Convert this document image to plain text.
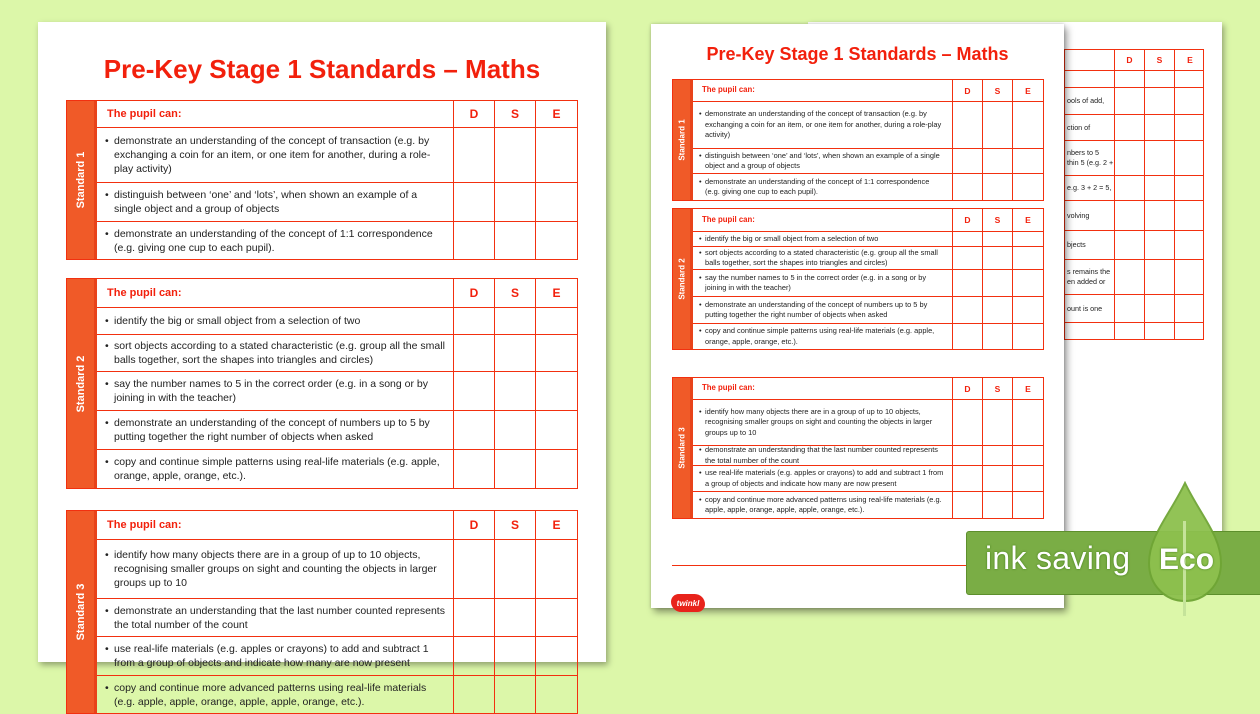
Pre-Key Stage 1 Standards – Maths
Standard 1
The pupil can:	D	S	E
• demonstrate an understanding of the concept of transaction (e.g. by exchanging a coin for an item, or one item for another, during a role-play activity)
• distinguish between ‘one’ and ‘lots’, when shown an example of a single object and a group of objects
• demonstrate an understanding of the concept of 1:1 correspondence (e.g. giving one cup to each pupil).
Standard 2
The pupil can:	D	S	E
• identify the big or small object from a selection of two
• sort objects according to a stated characteristic (e.g. group all the small balls together, sort the shapes into triangles and circles)
• say the number names to 5 in the correct order (e.g. in a song or by joining in with the teacher)
• demonstrate an understanding of the concept of numbers up to 5 by putting together the right number of objects when asked
• copy and continue simple patterns using real-life materials (e.g. apple, orange, apple, orange, etc.).
Standard 3
The pupil can:	D	S	E
• identify how many objects there are in a group of up to 10 objects, recognising smaller groups on sight and counting the objects in larger groups up to 10
• demonstrate an understanding that the last number counted represents the total number of the count
• use real-life materials (e.g. apples or crayons) to add and subtract 1 from a group of objects and indicate how many are now present
• copy and continue more advanced patterns using real-life materials (e.g. apple, apple, orange, apple, apple, orange, etc.).
D	S	E
ools of add,
ction of
nbers to 5
thin 5 (e.g. 2 +
e.g. 3 + 2 = 5,
volving
bjects
s remains the
en added or
ount is one
Pre-Key Stage 1 Standards – Maths
twinkl
Standard 1
The pupil can:	D	S	E
• demonstrate an understanding of the concept of transaction (e.g. by exchanging a coin for an item, or one item for another, during a role-play activity)
• distinguish between ‘one’ and ‘lots’, when shown an example of a single object and a group of objects
• demonstrate an understanding of the concept of 1:1 correspondence (e.g. giving one cup to each pupil).
Standard 2
The pupil can:	D	S	E
• identify the big or small object from a selection of two
• sort objects according to a stated characteristic (e.g. group all the small balls together, sort the shapes into triangles and circles)
• say the number names to 5 in the correct order (e.g. in a song or by joining in with the teacher)
• demonstrate an understanding of the concept of numbers up to 5 by putting together the right number of objects when asked
• copy and continue simple patterns using real-life materials (e.g. apple, orange, apple, orange, etc.).
Standard 3
The pupil can:	D	S	E
• identify how many objects there are in a group of up to 10 objects, recognising smaller groups on sight and counting the objects in larger groups up to 10
• demonstrate an understanding that the last number counted represents the total number of the count
• use real-life materials (e.g. apples or crayons) to add and subtract 1 from a group of objects and indicate how many are now present
• copy and continue more advanced patterns using real-life materials (e.g. apple, apple, orange, apple, apple, orange, etc.).
ink saving Eco
